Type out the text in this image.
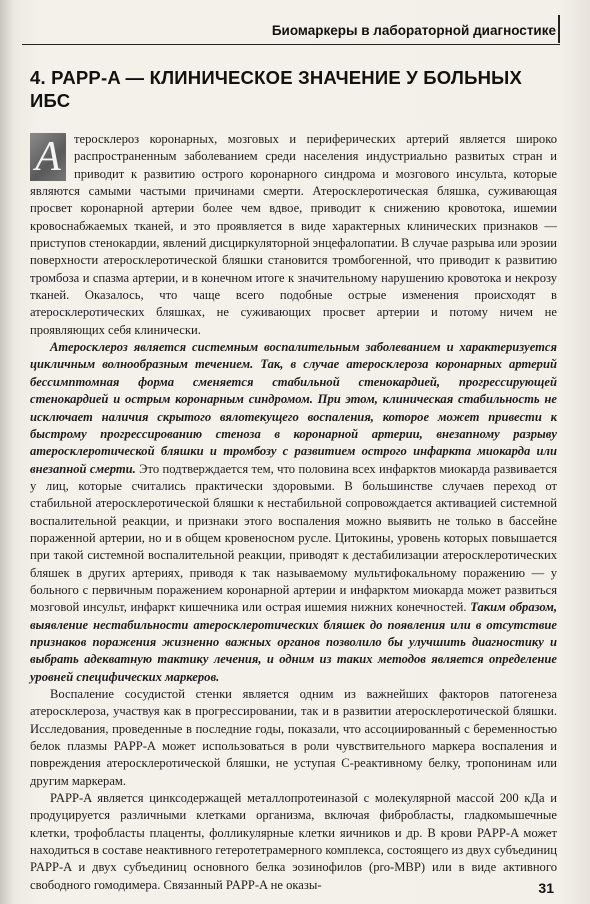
Биомаркеры в лабораторной диагностике
4. PAPP-A — КЛИНИЧЕСКОЕ ЗНАЧЕНИЕ У БОЛЬНЫХ ИБС

А	теросклероз коронарных, мозговых и периферических артерий является широко распространенным заболеванием среди населения индустриально развитых стран и приводит к развитию острого коронарного синдрома и мозгового инсульта, которые являются самыми частыми причинами смерти. Атеросклеротическая бляшка, суживающая просвет коронарной артерии более чем вдвое, приводит к снижению кровотока, ишемии кровоснабжаемых тканей, и это проявляется в виде характерных клинических признаков — приступов стенокардии, явлений дисциркуляторной энцефалопатии. В случае разрыва или эрозии поверхности атеросклеротической бляшки становится тромбогенной, что приводит к развитию тромбоза и спазма артерии, и в конечном итоге к значительному нарушению кровотока и некрозу тканей. Оказалось, что чаще всего подобные острые изменения происходят в атеросклеротических бляшках, не суживающих просвет артерии и потому ничем не проявляющих себя клинически.

Атеросклероз является системным воспалительным заболеванием и характеризуется цикличным волнообразным течением. Так, в случае атеросклероза коронарных артерий бессимптомная форма сменяется стабильной стенокардией, прогрессирующей стенокардией и острым коронарным синдромом. При этом, клиническая стабильность не исключает наличия скрытого вялотекущего воспаления, которое может привести к быстрому прогрессированию стеноза в коронарной артерии, внезапному разрыву атеросклеротической бляшки и тромбозу с развитием острого инфаркта миокарда или внезапной смерти. Это подтверждается тем, что половина всех инфарктов миокарда развивается у лиц, которые считались практически здоровыми. В большинстве случаев переход от стабильной атеросклеротической бляшки к нестабильной сопровождается активацией системной воспалительной реакции, и признаки этого воспаления можно выявить не только в бассейне пораженной артерии, но и в общем кровеносном русле. Цитокины, уровень которых повышается при такой системной воспалительной реакции, приводят к дестабилизации атеросклеротических бляшек в других артериях, приводя к так называемому мультифокальному поражению — у больного с первичным поражением коронарной артерии и инфарктом миокарда может развиться мозговой инсульт, инфаркт кишечника или острая ишемия нижних конечностей. Таким образом, выявление нестабильности атеросклеротических бляшек до появления или в отсутствие признаков поражения жизненно важных органов позволило бы улучшить диагностику и выбрать адекватную тактику лечения, и одним из таких методов является определение уровней специфических маркеров.

Воспаление сосудистой стенки является одним из важнейших факторов патогенеза атеросклероза, участвуя как в прогрессировании, так и в развитии атеросклеротической бляшки. Исследования, проведенные в последние годы, показали, что ассоциированный с беременностью белок плазмы PAPP-A может использоваться в роли чувствительного маркера воспаления и повреждения атеросклеротической бляшки, не уступая С-реактивному белку, тропонинам или другим маркерам.

PAPP-A является цинксодержащей металлопротеиназой с молекулярной массой 200 кДа и продуцируется различными клетками организма, включая фибробласты, гладкомышечные клетки, трофобласты плаценты, фолликулярные клетки яичников и др. В крови PAPP-A может находиться в составе неактивного гетеротетрамерного комплекса, состоящего из двух субъединиц PAPP-A и двух субъединиц основного белка эозинофилов (pro-MBP) или в виде активного свободного гомодимера. Связанный PAPP-A не оказы-	31
